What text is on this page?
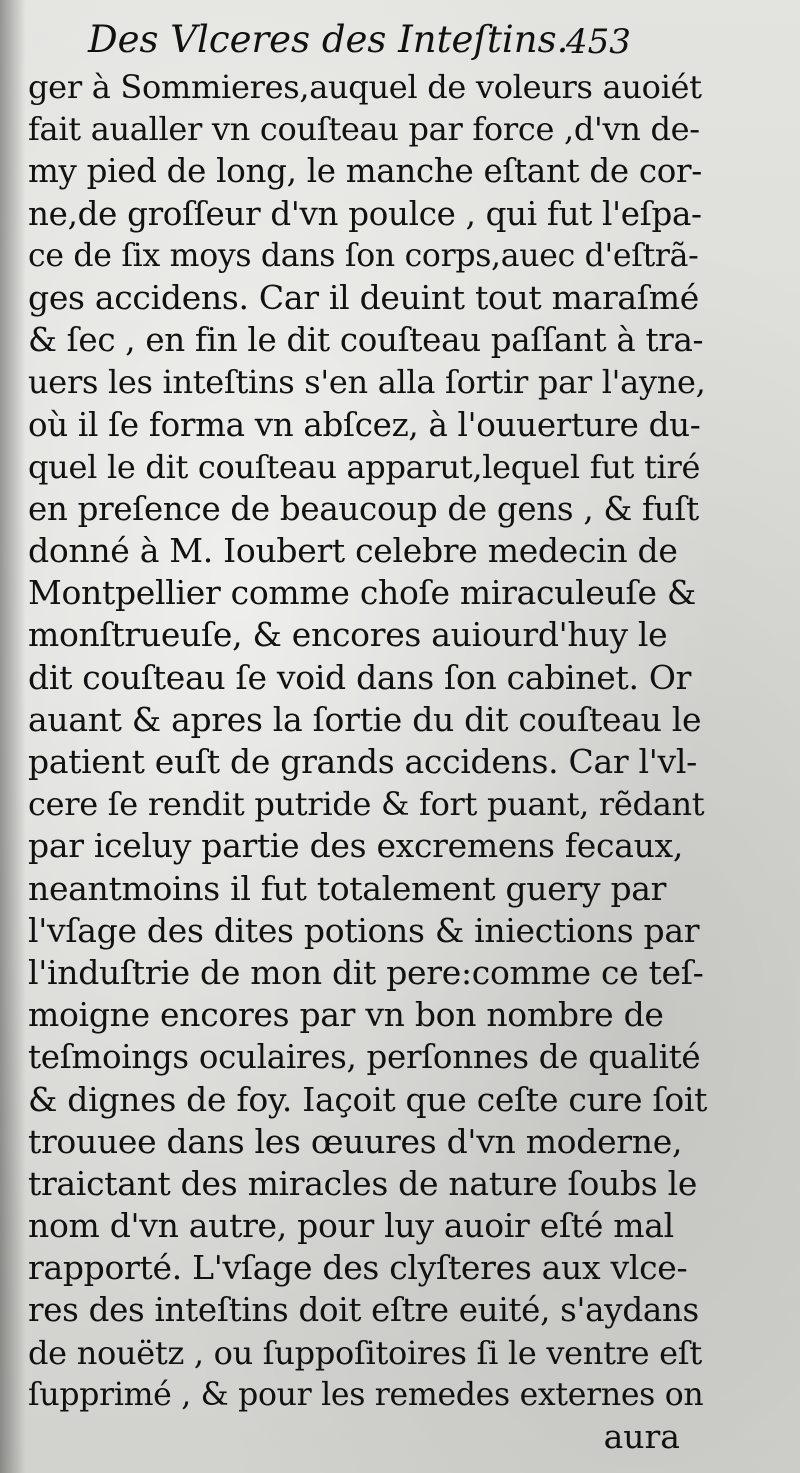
Des Vlceres des Inteſtins.
453
ger à Sommieres,auquel de voleurs auoiét
fait aualler vn couſteau par force ,d'vn de-
my pied de long, le manche eſtant de cor-
ne,de groſſeur d'vn poulce , qui fut l'eſpa-
ce de ſix moys dans ſon corps,auec d'eſtrã-
ges accidens. Car il deuint tout maraſmé
& ſec , en fin le dit couſteau paſſant à tra-
uers les inteſtins s'en alla ſortir par l'ayne,
où il ſe forma vn abſcez, à l'ouuerture du-
quel le dit couſteau apparut,lequel fut tiré
en preſence de beaucoup de gens , & fuſt
donné à M. Ioubert celebre medecin de
Montpellier comme choſe miraculeuſe &
monſtrueuſe, & encores auiourd'huy le
dit couſteau ſe void dans ſon cabinet. Or
auant & apres la ſortie du dit couſteau le
patient euſt de grands accidens. Car l'vl-
cere ſe rendit putride & fort puant, rẽdant
par iceluy partie des excremens fecaux,
neantmoins il fut totalement guery par
l'vſage des dites potions & iniections par
l'induſtrie de mon dit pere:comme ce teſ-
moigne encores par vn bon nombre de
teſmoings oculaires, perſonnes de qualité
& dignes de foy. Iaçoit que ceſte cure ſoit
trouuee dans les œuures d'vn moderne,
traictant des miracles de nature ſoubs le
nom d'vn autre, pour luy auoir eſté mal
rapporté. L'vſage des clyſteres aux vlce-
res des inteſtins doit eſtre euité, s'aydans
de nouëtz , ou ſuppoſitoires ſi le ventre eſt
ſupprimé , & pour les remedes externes on
aura
